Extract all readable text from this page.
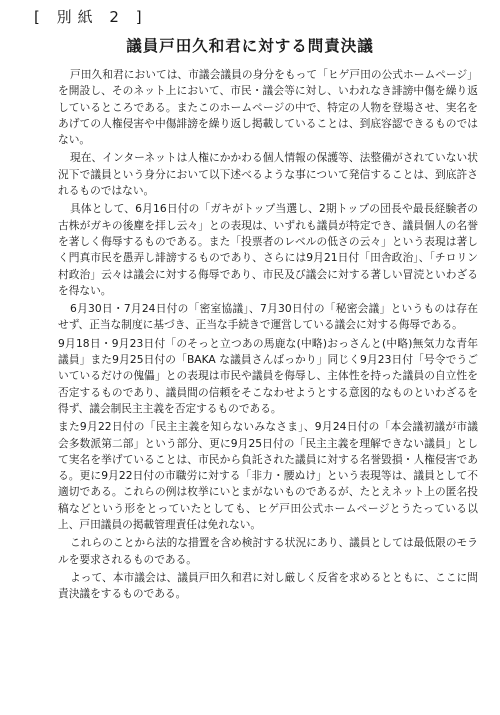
[ 別紙 2 ]
議員戸田久和君に対する問責決議

戸田久和君においては、市議会議員の身分をもって「ヒゲ戸田の公式ホームページ」を開設し、そのネット上において、市民・議会等に対し、いわれなき誹謗中傷を繰り返しているところである。またこのホームページの中で、特定の人物を登場させ、実名をあげての人権侵害や中傷誹謗を繰り返し掲載していることは、到底容認できるものではない。

現在、インターネットは人権にかかわる個人情報の保護等、法整備がされていない状況下で議員という身分において以下述べるような事について発信することは、到底許されるものではない。

具体として、6月16日付の「ガキがトップ当選し、2期トップの団長や最長経験者の古株がガキの後塵を拝し云々」との表現は、いずれも議員が特定でき、議員個人の名誉を著しく侮辱するものである。また「投票者のレベルの低さの云々」という表現は著しく門真市民を愚弄し誹謗するものであり、さらには9月21日付「田舎政治」、「チロリン村政治」云々は議会に対する侮辱であり、市民及び議会に対する著しい冒涜といわざるを得ない。

6月30日・7月24日付の「密室協議」、7月30日付の「秘密会議」というものは存在せず、正当な制度に基づき、正当な手続きで運営している議会に対する侮辱である。

9月18日・9月23日付「のそっと立つあの馬鹿な(中略)おっさんと(中略)無気力な青年議員」また9月25日付の「BAKA な議員さんばっかり」同じく9月23日付「号令でうごいているだけの傀儡」との表現は市民や議員を侮辱し、主体性を持った議員の自立性を否定するものであり、議員間の信頼をそこなわせようとする意図的なものといわざるを得ず、議会制民主主義を否定するものである。

また9月22日付の「民主主義を知らないみなさま」、9月24日付の「本会議初議が市議会多数派第二部」という部分、更に9月25日付の「民主主義を理解できない議員」として実名を挙げていることは、市民から負託された議員に対する名誉毀損・人権侵害である。更に9月22日付の市職労に対する「非力・腰ぬけ」という表現等は、議員として不適切である。これらの例は枚挙にいとまがないものであるが、たとえネット上の匿名投稿などという形をとっていたとしても、ヒゲ戸田公式ホームページとうたっている以上、戸田議員の掲載管理責任は免れない。

これらのことから法的な措置を含め検討する状況にあり、議員としては最低限のモラルを要求されるものである。

よって、本市議会は、議員戸田久和君に対し厳しく反省を求めるとともに、ここに問責決議をするものである。
